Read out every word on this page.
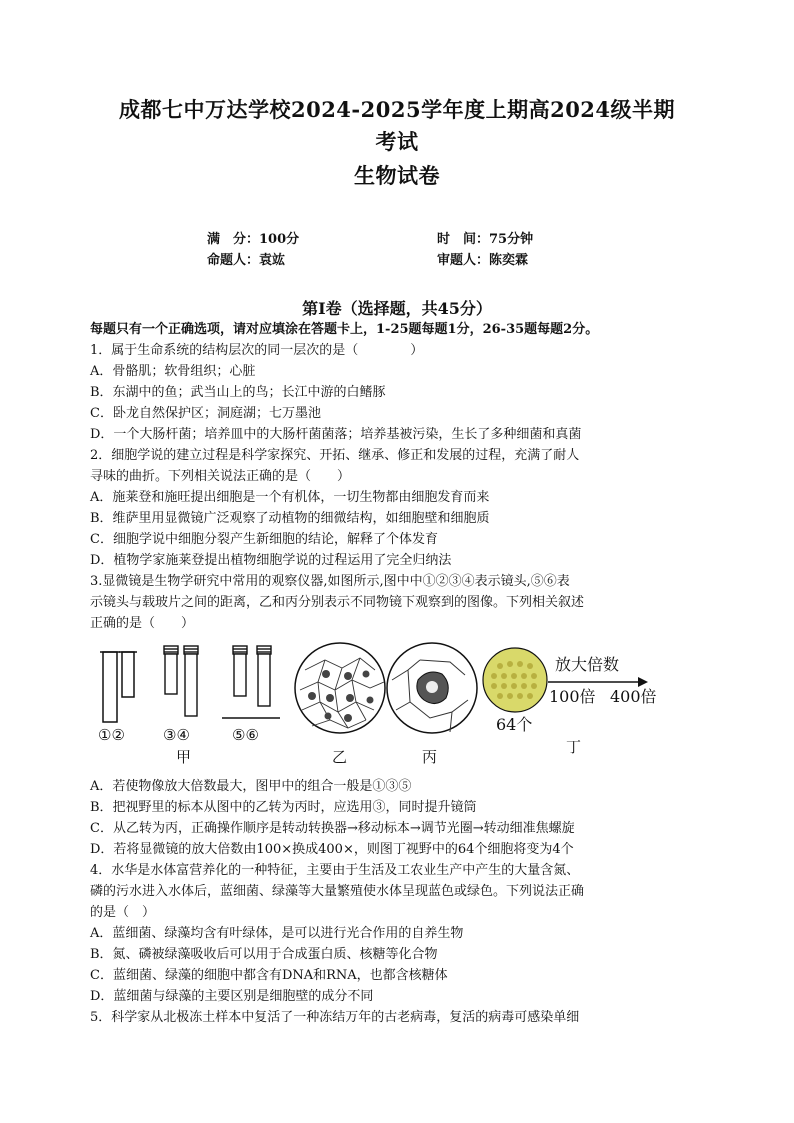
成都七中万达学校2024-2025学年度上期高2024级半期
考试
生物试卷
满　分：100分	时　间：75分钟
命题人：袁竑	审题人：陈奕霖
第Ⅰ卷（选择题，共45分）
每题只有一个正确选项，请对应填涂在答题卡上，1-25题每题1分，26-35题每题2分。
1．属于生命系统的结构层次的同一层次的是（　　　　）
A．骨骼肌；软骨组织；心脏
B．东湖中的鱼；武当山上的鸟；长江中游的白鳍豚
C．卧龙自然保护区；洞庭湖；七万墨池
D．一个大肠杆菌；培养皿中的大肠杆菌菌落；培养基被污染，生长了多种细菌和真菌
2．细胞学说的建立过程是科学家探究、开拓、继承、修正和发展的过程，充满了耐人
寻味的曲折。下列相关说法正确的是（　　）
A．施莱登和施旺提出细胞是一个有机体，一切生物都由细胞发育而来
B．维萨里用显微镜广泛观察了动植物的细微结构，如细胞壁和细胞质
C．细胞学说中细胞分裂产生新细胞的结论，解释了个体发育
D．植物学家施莱登提出植物细胞学说的过程运用了完全归纳法
3.显微镜是生物学研究中常用的观察仪器,如图所示,图中中①②③④表示镜头,⑤⑥表
示镜头与载玻片之间的距离，乙和丙分别表示不同物镜下观察到的图像。下列相关叙述
正确的是（　　）
①②	③④	⑤⑥
甲	乙	丙
64个
丁
放大倍数
100倍 400倍
A．若使物像放大倍数最大，图甲中的组合一般是①③⑤
B．把视野里的标本从图中的乙转为丙时，应选用③，同时提升镜筒
C．从乙转为丙，正确操作顺序是转动转换器→移动标本→调节光圈→转动细准焦螺旋
D．若将显微镜的放大倍数由100×换成400×，则图丁视野中的64个细胞将变为4个
4．水华是水体富营养化的一种特征，主要由于生活及工农业生产中产生的大量含氮、
磷的污水进入水体后，蓝细菌、绿藻等大量繁殖使水体呈现蓝色或绿色。下列说法正确
的是（　）
A．蓝细菌、绿藻均含有叶绿体，是可以进行光合作用的自养生物
B．氮、磷被绿藻吸收后可以用于合成蛋白质、核糖等化合物
C．蓝细菌、绿藻的细胞中都含有DNA和RNA，也都含核糖体
D．蓝细菌与绿藻的主要区别是细胞壁的成分不同
5．科学家从北极冻土样本中复活了一种冻结万年的古老病毒，复活的病毒可感染单细
